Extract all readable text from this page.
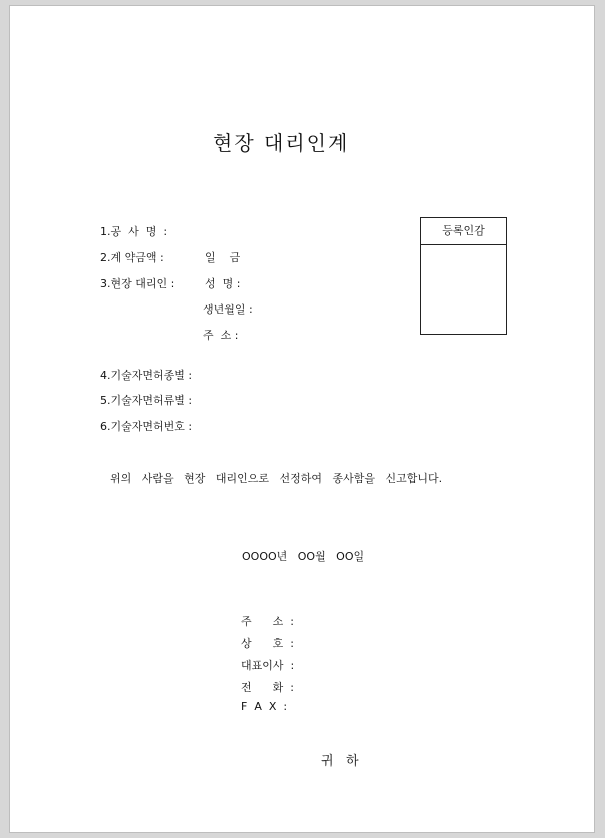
현장 대리인계
등록인감
1.공  사  명  :
2.계 약금액 :	일    금
3.현장 대리인 :	성  명 :
생년월일 :
주  소 :
4.기술자면허종별 :
5.기술자면허류별 :
6.기술자면허번호 :
위의   사람을   현장   대리인으로   선정하여   종사함을   신고합니다.
OOOO년   OO월   OO일
주      소  :
상      호  :
대표이사  :
전      화  :
F  A  X  :
귀   하
